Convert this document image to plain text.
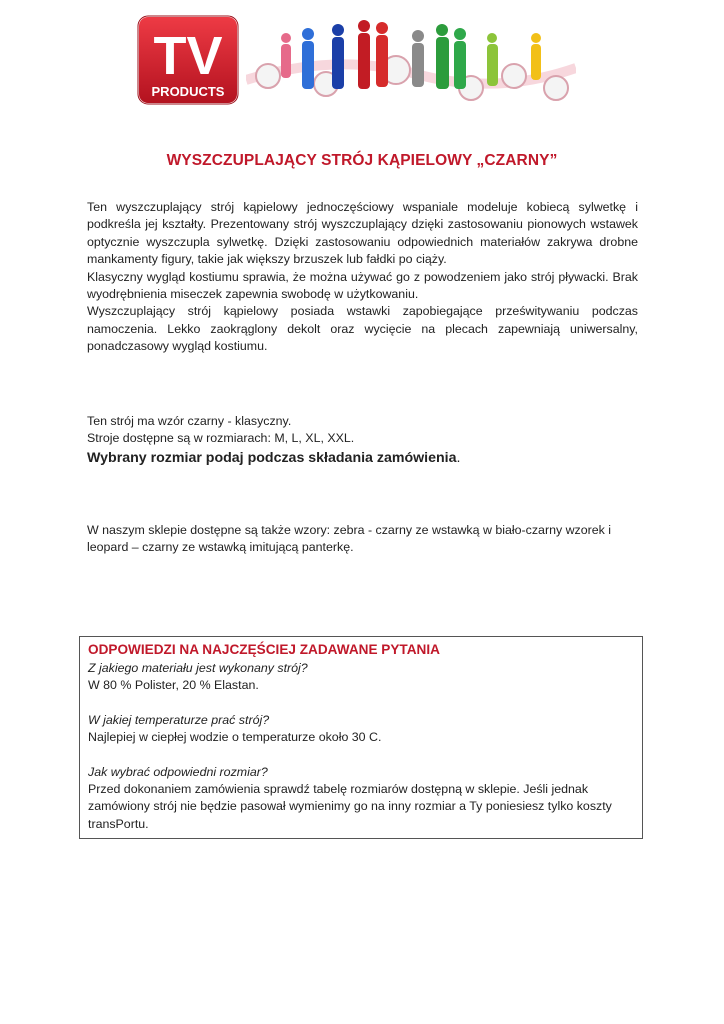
TV
PRODUCTS
WYSZCZUPLAJĄCY STRÓJ KĄPIELOWY „CZARNY”

Ten wyszczuplający strój kąpielowy jednoczęściowy wspaniale modeluje kobiecą sylwetkę i podkreśla jej kształty. Prezentowany strój wyszczuplający dzięki zastosowaniu pionowych wstawek optycznie wyszczupla sylwetkę. Dzięki zastosowaniu odpowiednich materiałów zakrywa drobne mankamenty figury, takie jak większy brzuszek lub fałdki po ciąży.

Klasyczny wygląd kostiumu sprawia, że można używać go z powodzeniem jako strój pływacki. Brak wyodrębnienia miseczek zapewnia swobodę w użytkowaniu.

Wyszczuplający strój kąpielowy posiada wstawki zapobiegające prześwitywaniu podczas namoczenia. Lekko zaokrąglony dekolt oraz wycięcie na plecach zapewniają uniwersalny, ponadczasowy wygląd kostiumu.

Ten strój ma wzór czarny - klasyczny.

Stroje dostępne są w rozmiarach: M, L, XL, XXL.

Wybrany rozmiar podaj podczas składania zamówienia.

W naszym sklepie dostępne są także wzory: zebra - czarny ze wstawką w biało-czarny wzorek i leopard – czarny ze wstawką imitującą panterkę.

ODPOWIEDZI NA NAJCZĘŚCIEJ ZADAWANE PYTANIA

Z jakiego materiału jest wykonany strój?

W 80 % Polister, 20 % Elastan.

W jakiej temperaturze prać strój?

Najlepiej w ciepłej wodzie o temperaturze około 30 C.

Jak wybrać odpowiedni rozmiar?

Przed dokonaniem zamówienia sprawdź tabelę rozmiarów dostępną w sklepie. Jeśli jednak zamówiony strój nie będzie pasował wymienimy go na inny rozmiar a Ty poniesiesz tylko koszty transPortu.
